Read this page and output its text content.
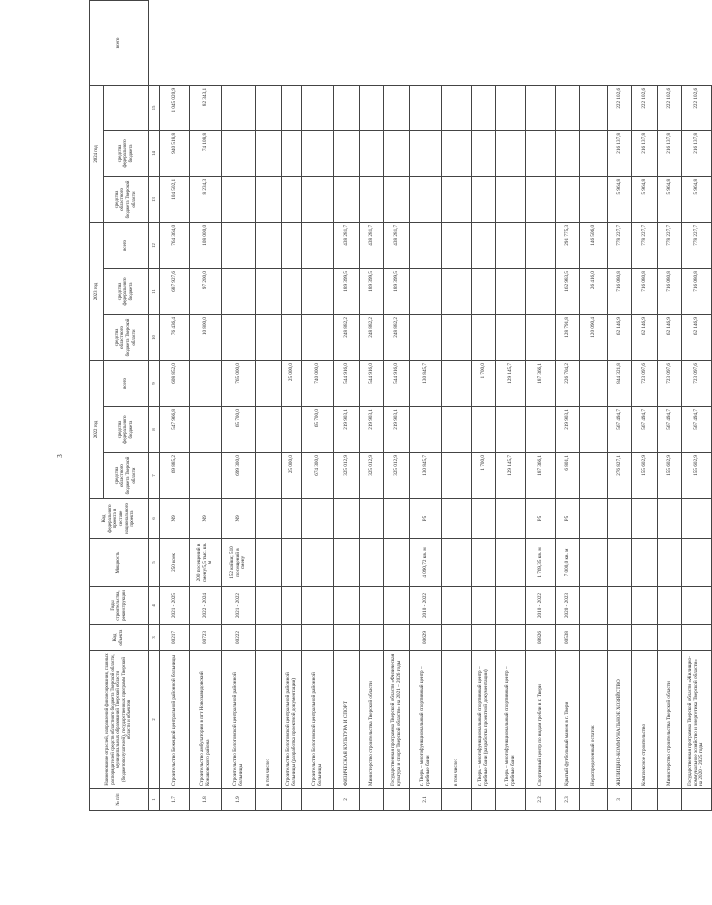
3
№ п/п	Наименование отраслей, направлений финансирования, главных распорядителей средств областного бюджета Тверской области, муниципальных образований Тверской области (бюджетополучателей), государственных программ Тверской области и объектов	Код объекта	Годы строительства, реконструкции	Мощность	Код федерального проекта в составе национального проекта	2022 год			2023 год			2024 год			всего
						средства областного бюджета Тверской области	средства федерального бюджета	всего	средства областного бюджета Тверской области	средства федерального бюджета	всего	средства областного бюджета Тверской области	средства федерального бюджета		

1	2	3	4	5	6	7	8	9	10	11	12	13	14	15	
1.7	Строительство Бежецкой центральной районной больницы	00217	2021 - 2025	250 коек	N9	69 885,2	547 966,8	608 852,0	76 436,4	687 927,6	764 364,0	104 502,1	940 518,8	1 045 020,9	
1.8	Строительство амбулатории в пгт Новозавидовский Конаковского района	00723	2022 - 2024	200 посещений в смену/5,5 тыс. кв. м	N9				10 800,0	97 200,0	108 000,0	8 234,3	74 108,8	82 343,1	
1.9	Строительство Бологовской центральной районной больницы	00222	2021 - 2022	152 койки; 510 посещений в смену	N9	699 300,0	65 700,0	765 000,0							
	в том числе:														
	Строительство Бологовской центральной районной больницы (разработка проектной документации)					25 000,0		25 000,0							
	Строительство Бологовской центральной районной больницы					674 300,0	65 700,0	740 000,0							
2	ФИЗИЧЕСКАЯ КУЛЬТУРА И СПОРТ					325 012,9	219 903,1	544 916,0	248 882,2	189 399,5	438 281,7				
	Министерство строительства Тверской области					325 012,9	219 903,1	544 916,0	248 882,2	189 399,5	438 281,7				
	Государственная программа Тверской области «Физическая культура и спорт Тверской области» на 2021 – 2026 годы					325 012,9	219 903,1	544 916,0	248 882,2	189 399,5	438 281,7				
2.1	г. Тверь – многофункциональный спортивный центр – грибные бани	00629	2010 - 2022	4 090,72 кв. м	P5	130 845,7		130 845,7							
	в том числе:														
	г. Тверь – многофункциональный спортивный центр – грибные бани (разработка проектной документации)					1 700,0		1 700,0							
	г. Тверь – многофункциональный спортивный центр – грибные бани					129 145,7		129 145,7							
2.2	Спортивный центр по видам гребли в г. Твери	00826	2010 - 2022	1 769,35 кв. м	P5	187 366,1		187 366,1							
2.3	Крытый футбольный манеж в г. Твери	00538	2020 - 2023	7 000,0 кв. м	P5	6 801,1	219 903,1	226 704,2	128 791,8	162 983,5	291 775,3				
	Нераспределенный остаток								120 090,4	26 416,0	146 506,0				
3	ЖИЛИЩНО-КОММУНАЛЬНОЕ ХОЗЯЙСТВО					276 827,1	567 494,7	844 321,8	62 146,9	716 080,8	778 227,7	5 964,8	216 137,8	222 102,6	
	Комплексное строительство					155 602,9	567 494,7	723 097,6	62 146,9	716 080,8	778 227,7	5 964,8	216 137,8	222 102,6	
	Министерство строительства Тверской области					155 602,9	567 494,7	723 097,6	62 146,9	716 080,8	778 227,7	5 964,8	216 137,8	222 102,6	
	Государственная программа Тверской области «Жилищно-коммунальное хозяйство и энергетика Тверской области» на 2020 - 2025 годы					155 602,9	567 494,7	723 097,6	62 146,9	716 080,8	778 227,7	5 964,8	216 137,8	222 102,6	
